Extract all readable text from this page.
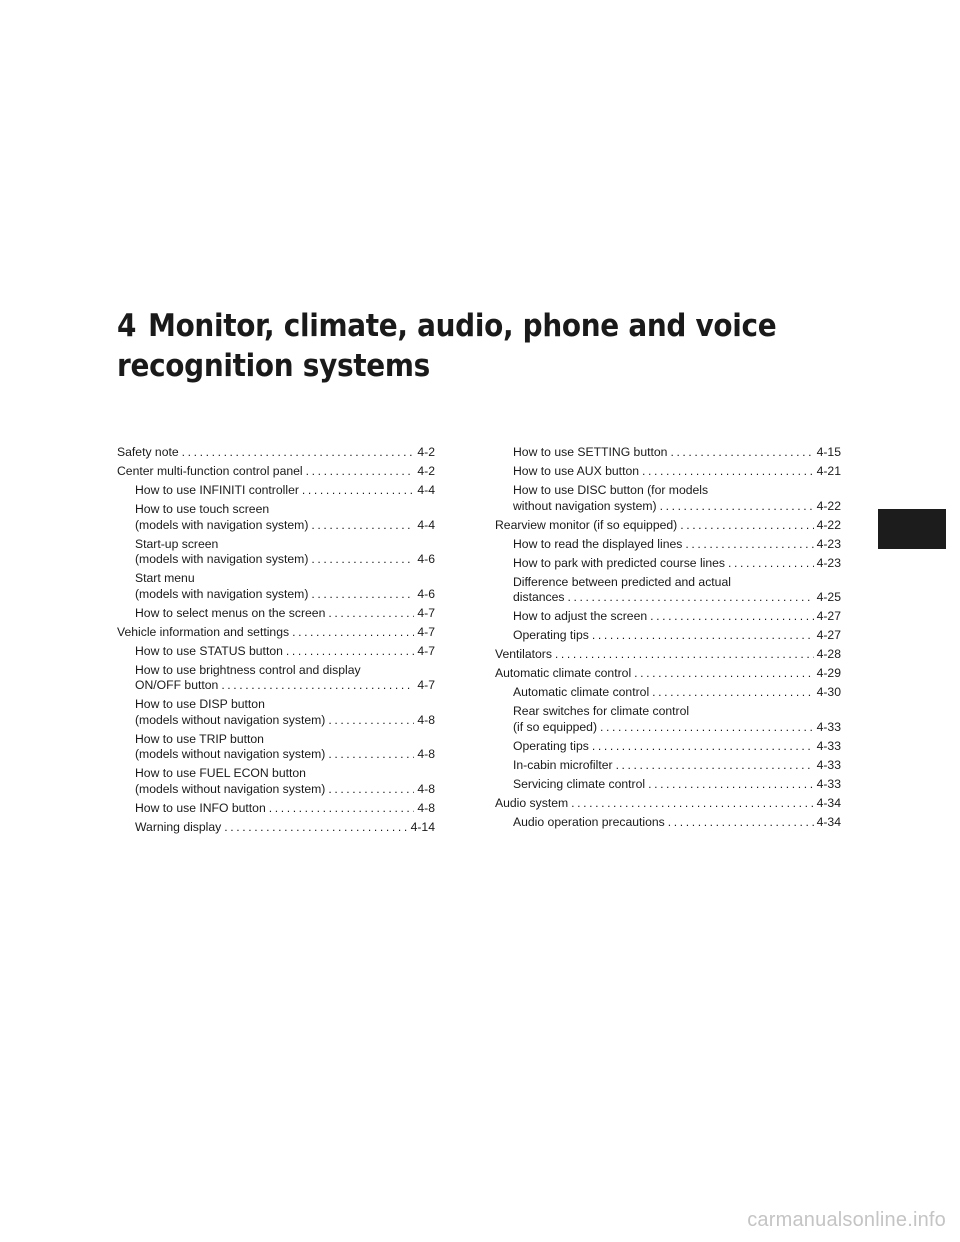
4 Monitor, climate, audio, phone and voice
recognition systems
Safety note .....	4-2
Center multi-function control panel .....	4-2
How to use INFINITI controller .....	4-4
How to use touch screen
(models with navigation system) .....	4-4
Start-up screen
(models with navigation system) .....	4-6
Start menu
(models with navigation system) .....	4-6
How to select menus on the screen .....	4-7
Vehicle information and settings .....	4-7
How to use STATUS button .....	4-7
How to use brightness control and display
ON/OFF button .....	4-7
How to use DISP button
(models without navigation system) .....	4-8
How to use TRIP button
(models without navigation system) .....	4-8
How to use FUEL ECON button
(models without navigation system) .....	4-8
How to use INFO button .....	4-8
Warning display .....	4-14
How to use SETTING button .....	4-15
How to use AUX button .....	4-21
How to use DISC button (for models
without navigation system) .....	4-22
Rearview monitor (if so equipped) .....	4-22
How to read the displayed lines .....	4-23
How to park with predicted course lines .....	4-23
Difference between predicted and actual
distances .....	4-25
How to adjust the screen .....	4-27
Operating tips .....	4-27
Ventilators .....	4-28
Automatic climate control .....	4-29
Automatic climate control .....	4-30
Rear switches for climate control
(if so equipped) .....	4-33
Operating tips .....	4-33
In-cabin microfilter .....	4-33
Servicing climate control .....	4-33
Audio system .....	4-34
Audio operation precautions .....	4-34
carmanualsonline.info
